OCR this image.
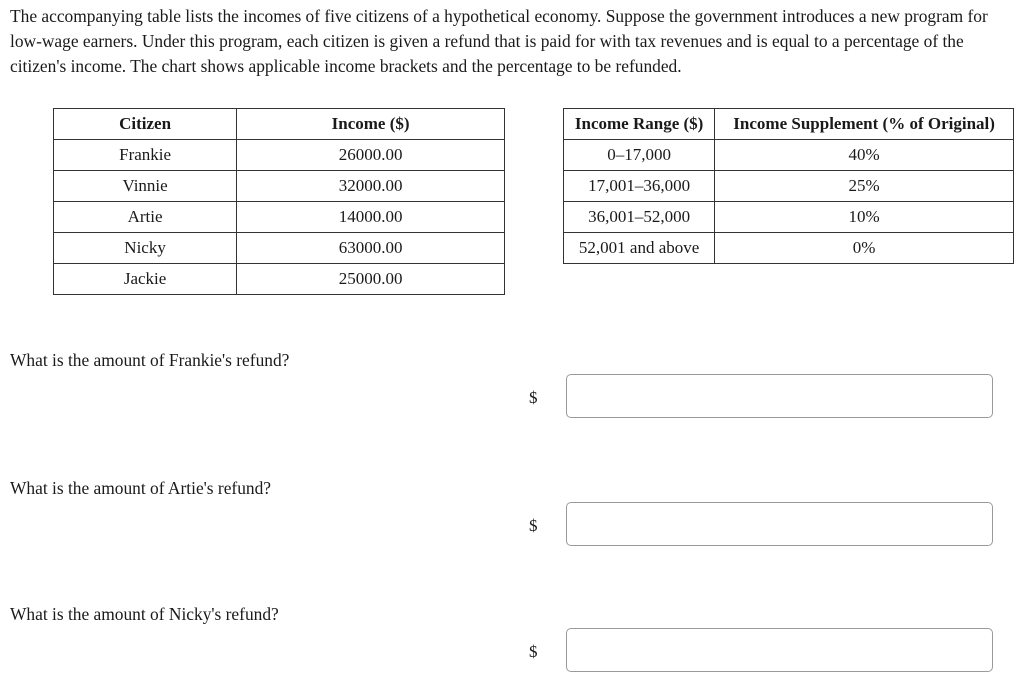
The accompanying table lists the incomes of five citizens of a hypothetical economy. Suppose the government introduces a new program for low-wage earners. Under this program, each citizen is given a refund that is paid for with tax revenues and is equal to a percentage of the citizen's income. The chart shows applicable income brackets and the percentage to be refunded.

Citizen	Income ($)
Frankie	26000.00
Vinnie	32000.00
Artie	14000.00
Nicky	63000.00
Jackie	25000.00
Income Range ($)	Income Supplement (% of Original)
0–17,000	40%
17,001–36,000	25%
36,001–52,000	10%
52,001 and above	0%

What is the amount of Frankie's refund?

$

What is the amount of Artie's refund?

$

What is the amount of Nicky's refund?

$
